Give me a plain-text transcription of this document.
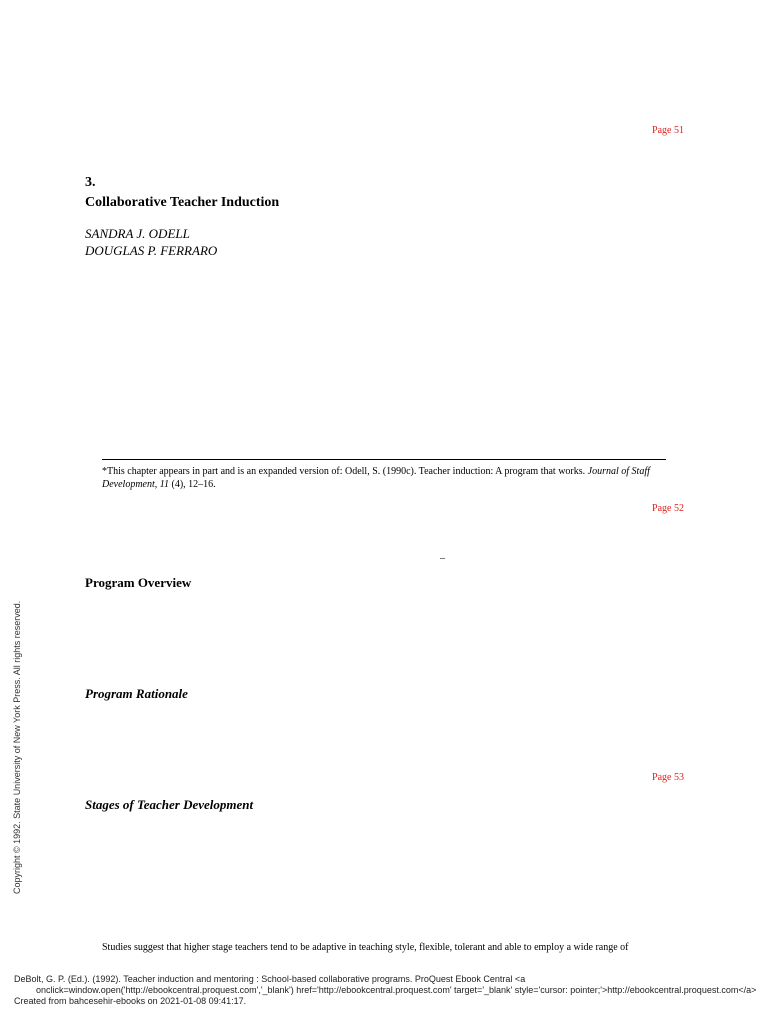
Page 51
3.
Collaborative Teacher Induction
SANDRA J. ODELL
DOUGLAS P. FERRARO
*This chapter appears in part and is an expanded version of: Odell, S. (1990c). Teacher induction: A program that works. Journal of Staff Development, 11 (4), 12–16.
Page 52
–
Program Overview
Program Rationale
Page 53
Stages of Teacher Development
Studies suggest that higher stage teachers tend to be adaptive in teaching style, flexible, tolerant and able to employ a wide range of
Copyright © 1992. State University of New York Press. All rights reserved.
DeBolt, G. P. (Ed.). (1992). Teacher induction and mentoring : School-based collaborative programs. ProQuest Ebook Central <a
onclick=window.open('http://ebookcentral.proquest.com','_blank') href='http://ebookcentral.proquest.com' target='_blank' style='cursor: pointer;'>http://ebookcentral.proquest.com</a>
Created from bahcesehir-ebooks on 2021-01-08 09:41:17.
